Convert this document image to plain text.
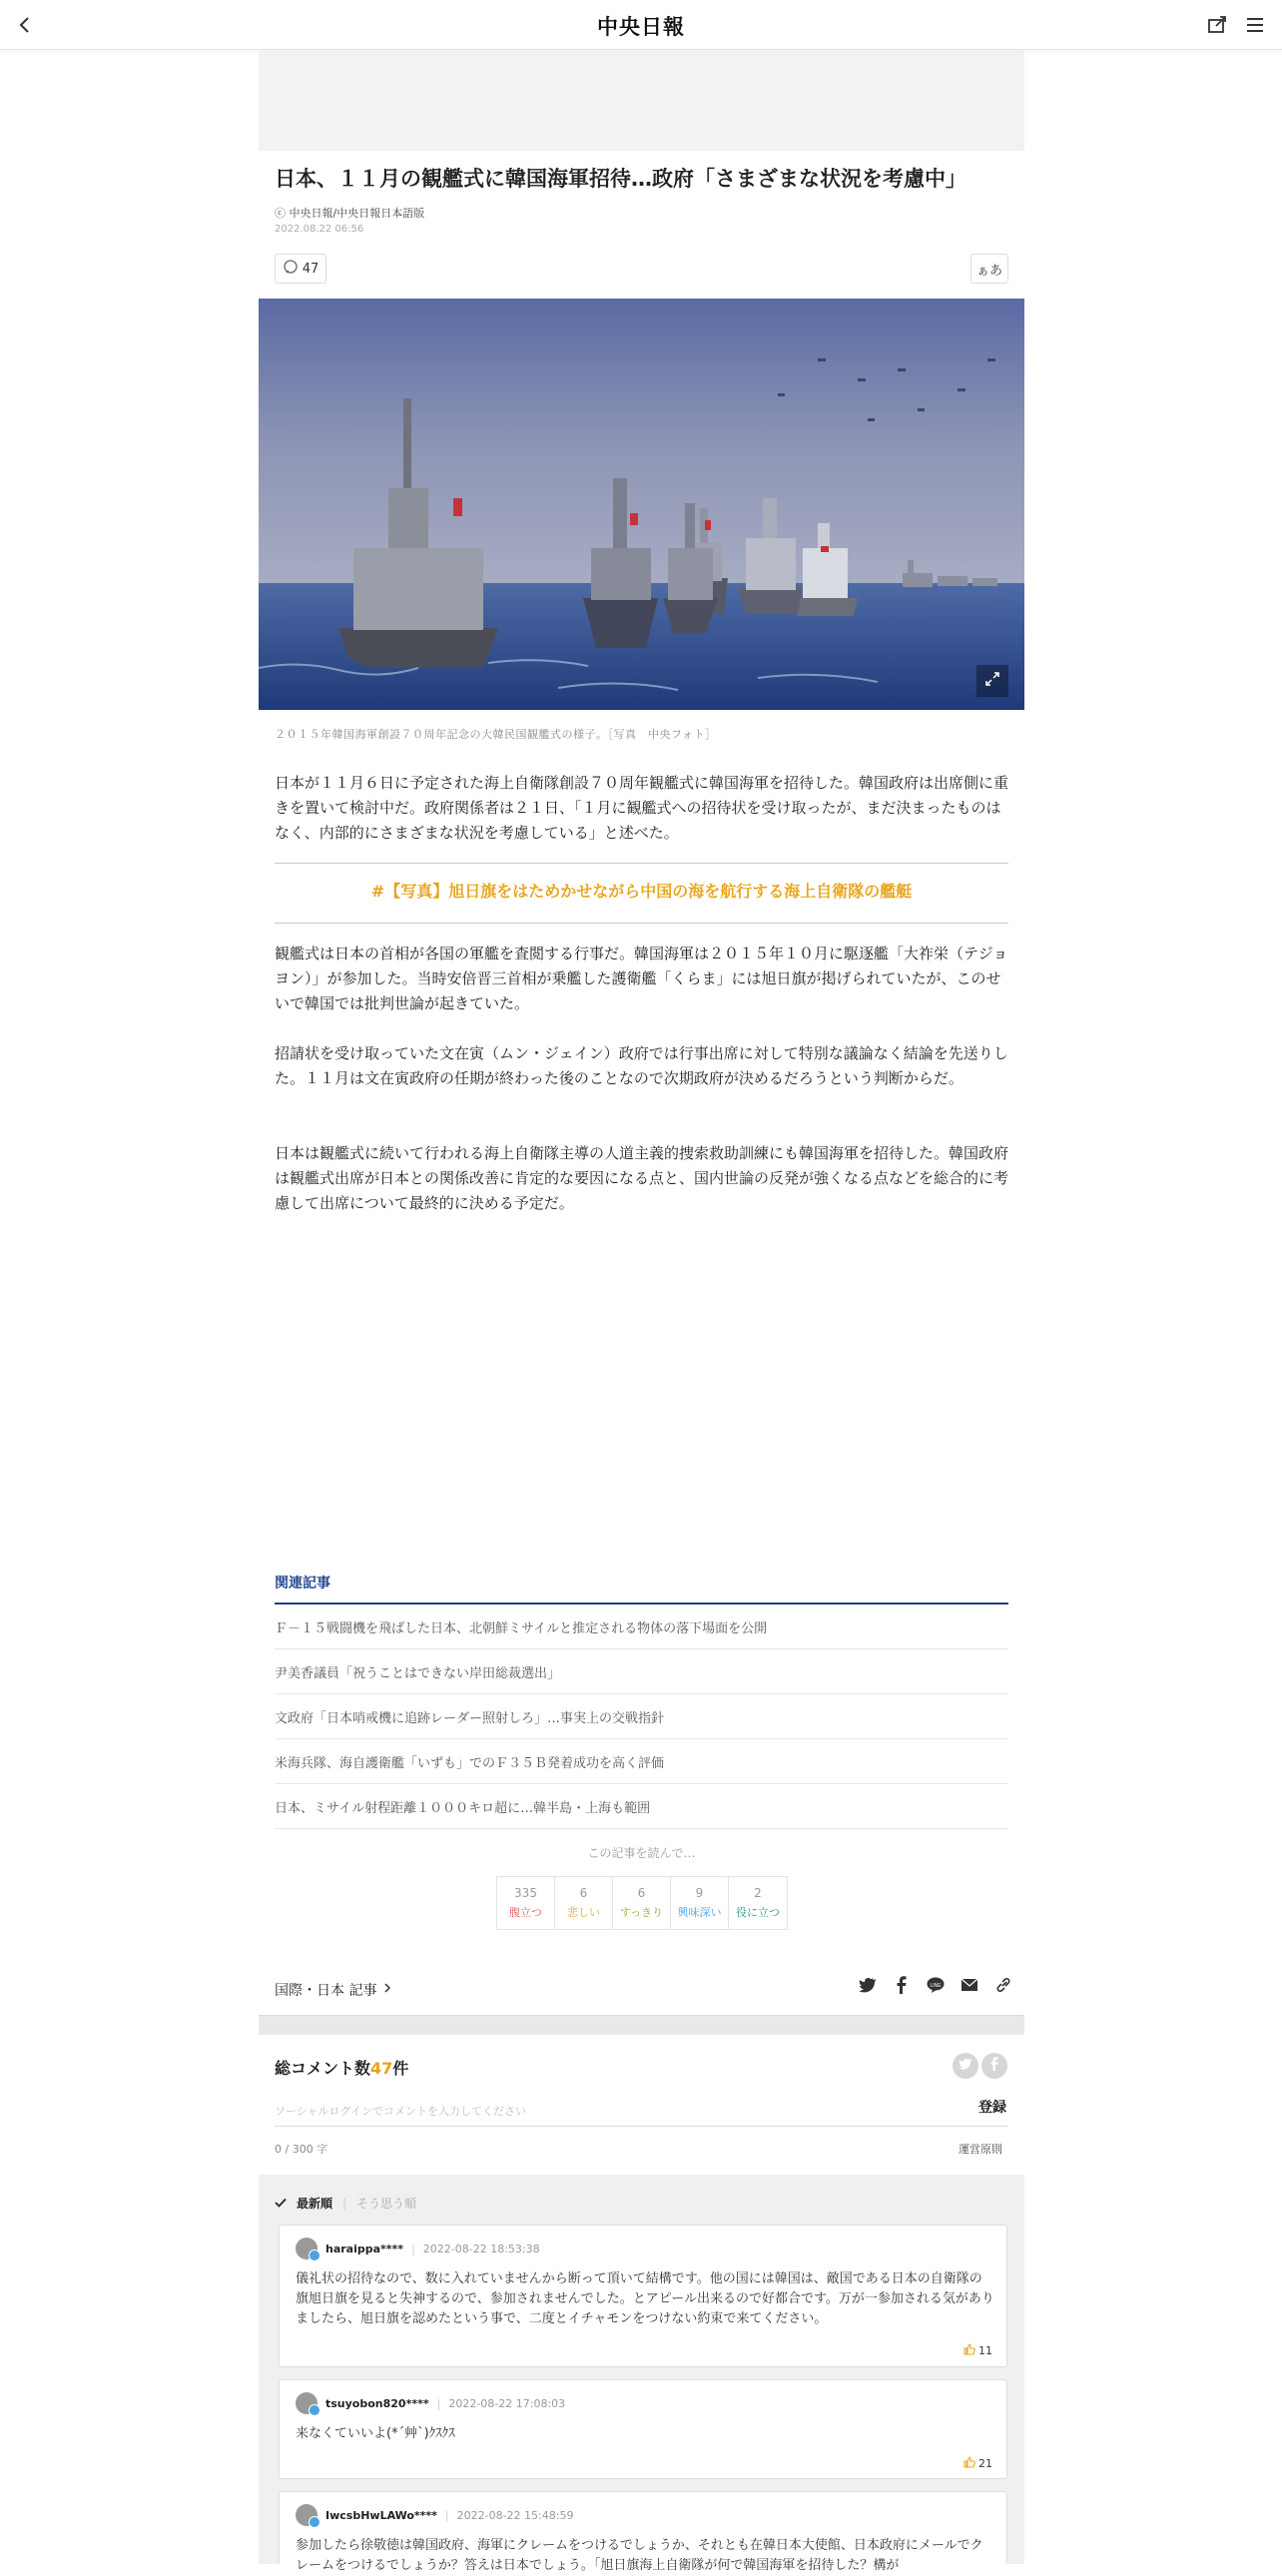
中央日報
日本、１１月の観艦式に韓国海軍招待…政府「さまざまな状況を考慮中」
ⓒ 中央日報/中央日報日本語版
2022.08.22 06:56
47	ぁあ
２０１５年韓国海軍創設７０周年記念の大韓民国観艦式の様子。［写真　中央フォト］
日本が１１月６日に予定された海上自衛隊創設７０周年観艦式に韓国海軍を招待した。韓国政府は出席側に重きを置いて検討中だ。政府関係者は２１日、「１月に観艦式への招待状を受け取ったが、まだ決まったものはなく、内部的にさまざまな状況を考慮している」と述べた。
#【写真】旭日旗をはためかせながら中国の海を航行する海上自衛隊の艦艇
観艦式は日本の首相が各国の軍艦を査閲する行事だ。韓国海軍は２０１５年１０月に駆逐艦「大祚栄（テジョヨン）」が参加した。当時安倍晋三首相が乗艦した護衛艦「くらま」には旭日旗が掲げられていたが、このせいで韓国では批判世論が起きていた。
招請状を受け取っていた文在寅（ムン・ジェイン）政府では行事出席に対して特別な議論なく結論を先送りした。１１月は文在寅政府の任期が終わった後のことなので次期政府が決めるだろうという判断からだ。
日本は観艦式に続いて行われる海上自衛隊主導の人道主義的捜索救助訓練にも韓国海軍を招待した。韓国政府は観艦式出席が日本との関係改善に肯定的な要因になる点と、国内世論の反発が強くなる点などを総合的に考慮して出席について最終的に決める予定だ。
関連記事
Ｆ－１５戦闘機を飛ばした日本、北朝鮮ミサイルと推定される物体の落下場面を公開
尹美香議員「祝うことはできない岸田総裁選出」
文政府「日本哨戒機に追跡レーダー照射しろ」…事実上の交戦指針
米海兵隊、海自護衛艦「いずも」でのＦ３５Ｂ発着成功を高く評価
日本、ミサイル射程距離１０００キロ超に…韓半島・上海も範囲
この記事を読んで…
335
腹立つ
6
悲しい
6
すっきり
9
興味深い
2
役に立つ
国際・日本 記事	LINE
総コメント数47件
ソーシャルログインでコメントを入力してください	登録
0 / 300 字	運営原則
最新順 | そう思う順
haraippa**** | 2022-08-22 18:53:38
儀礼状の招待なので、数に入れていませんから断って頂いて結構です。他の国には韓国は、敵国である日本の自衛隊の旗旭日旗を見ると失神するので、参加されませんでした。とアピール出来るので好都合です。万が一参加される気がありましたら、旭日旗を認めたという事で、二度とイチャモンをつけない約束で来てください。
11
tsuyobon820**** | 2022-08-22 17:08:03
来なくていいよ(*´艸`)ｸｽｸｽ
21
IwcsbHwLAWo**** | 2022-08-22 15:48:59
参加したら徐敬徳は韓国政府、海軍にクレームをつけるでしょうか、それとも在韓日本大使館、日本政府にメールでクレームをつけるでしょうか？答えは日本でしょう。「旭日旗海上自衛隊が何で韓国海軍を招待した？構が
